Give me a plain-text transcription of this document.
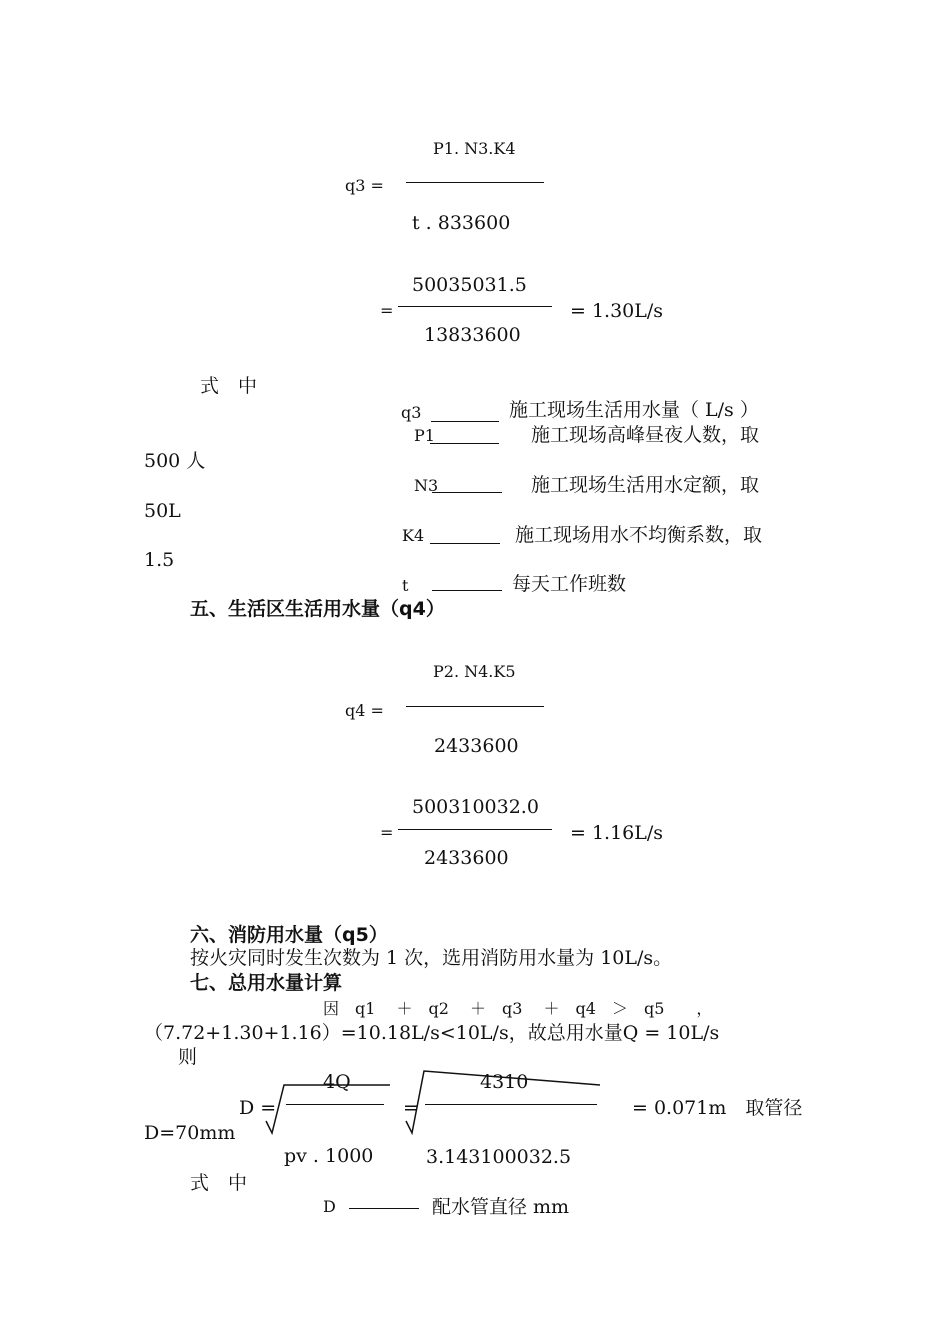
P1. N3.K4
q3 =
t . 833600
50035031.5
=	= 1.30L/s
13833600
式　中
q3	施工现场生活用水量（ L/s ）
P1	施工现场高峰昼夜人数，取
500 人
N3	施工现场生活用水定额，取
50L
K4	施工现场用水不均衡系数，取
1.5
t	每天工作班数
五、生活区生活用水量（q4）
P2. N4.K5
q4 =
2433600
500310032.0
=	= 1.16L/s
2433600
六、消防用水量（q5）
按火灾同时发生次数为 1 次，选用消防用水量为 10L/s。
七、总用水量计算
因　q1　 ＋　q2　 ＋　q3　 ＋　q4　＞　q5　　，
（7.72+1.30+1.16）=10.18L/s<10L/s，故总用水量Q = 10L/s
则
D =
4Q
pv . 1000
=
4310
3.143100032.5
= 0.071m　取管径
D=70mm
式　中
D	配水管直径 mm
